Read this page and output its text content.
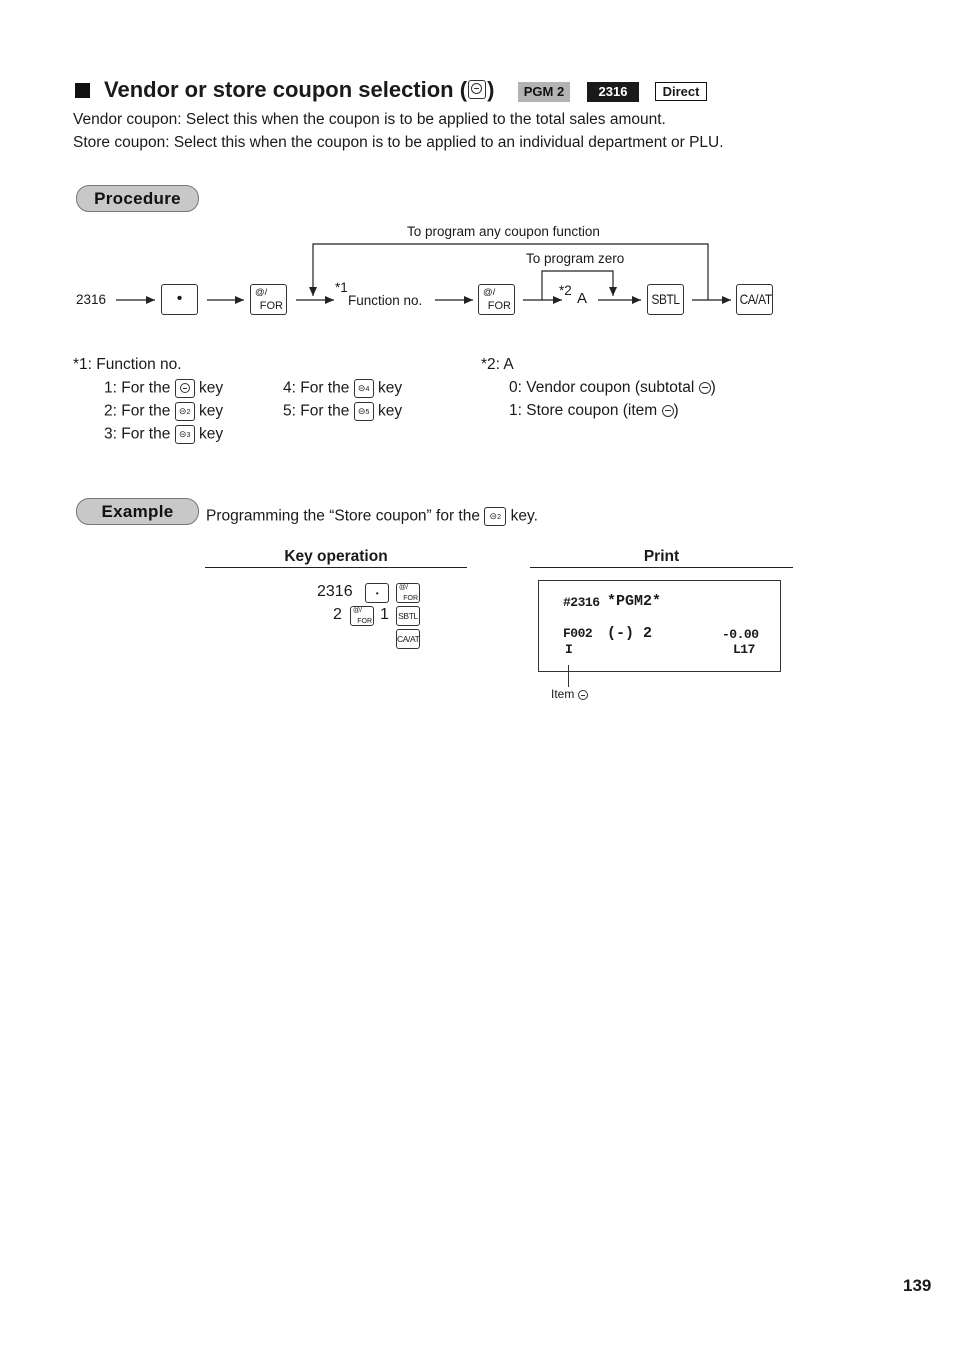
Vendor or store coupon selection ( )	PGM 2	2316	Direct
Vendor coupon: Select this when the coupon is to be applied to the total sales amount.
Store coupon: Select this when the coupon is to be applied to an individual department or PLU.
Procedure
To program any coupon function
To program zero
2316	•	@/
FOR
*1
Function no.
@/
FOR
*2 A	SBTL	CA/AT
*1: Function no.
1: For the key
2: For the ⊝2 key
3: For the ⊝3 key
4: For the ⊝4 key
5: For the ⊝5 key
*2: A
0: Vendor coupon (subtotal )
1: Store coupon (item )
Example	Programming the “Store coupon” for the ⊝2 key.
Key operation	Print
2316	•
@/
FOR
2 @/
FOR 1 SBTL
CA/AT
#2316 *PGM2*
F002 (-) 2	-0.00
I	L17
Item
139
